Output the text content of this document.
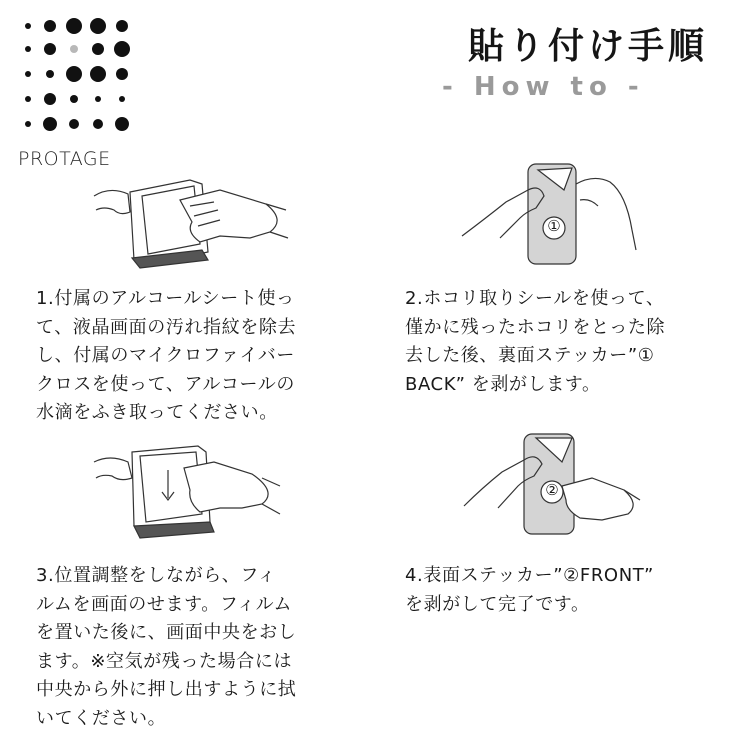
PROTAGE
貼り付け手順
- How to -
①
②
1.付属のアルコールシート使っ
て、液晶画面の汚れ指紋を除去
し、付属のマイクロファイバー
クロスを使って、アルコールの
水滴をふき取ってください。
2.ホコリ取りシールを使って、
僅かに残ったホコリをとった除
去した後、裏面ステッカー”①
BACK” を剥がします。
3.位置調整をしながら、フィ
ルムを画面のせます。フィルム
を置いた後に、画面中央をおし
ます。※空気が残った場合には
中央から外に押し出すように拭
いてください。
4.表面ステッカー”②FRONT”
を剥がして完了です。
